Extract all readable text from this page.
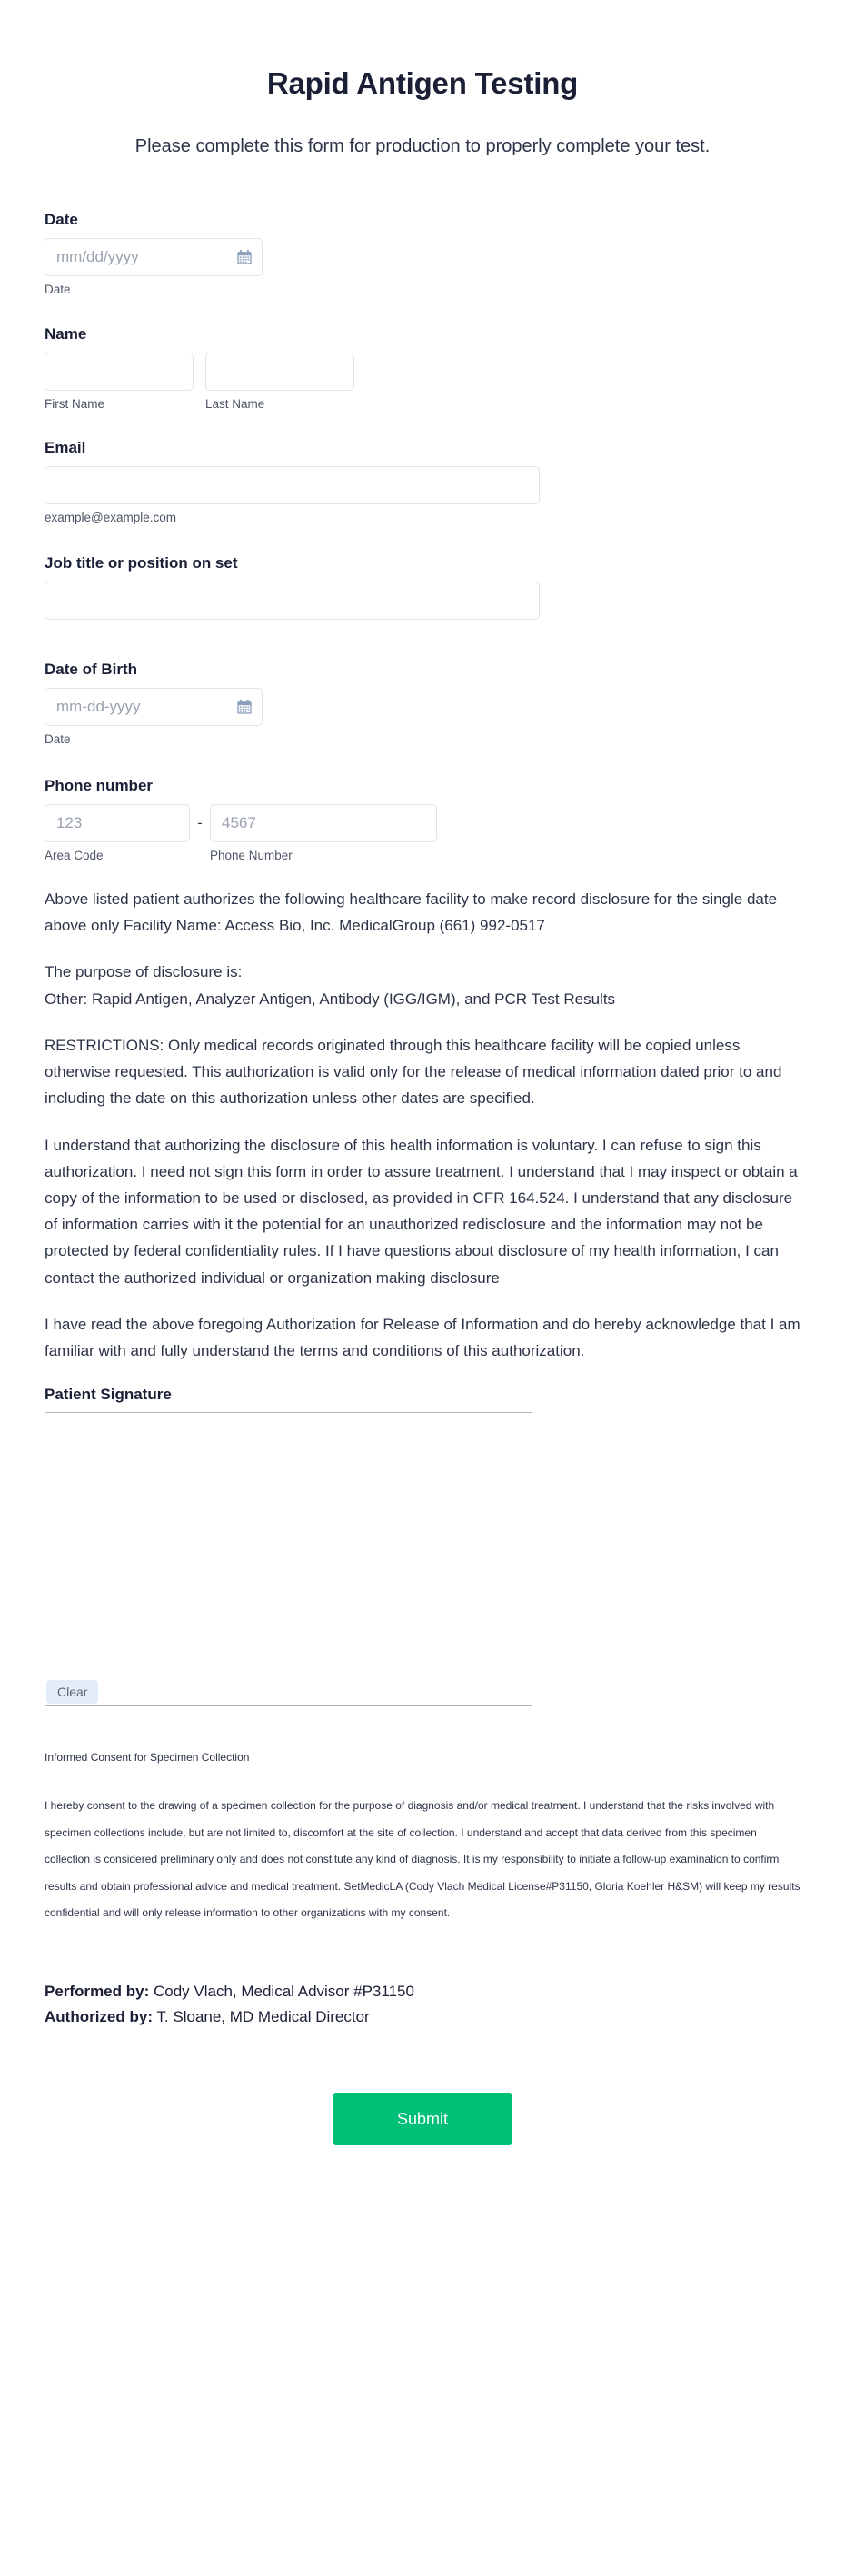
Rapid Antigen Testing

Please complete this form for production to properly complete your test.

Date
mm/dd/yyyy
Date
Name
First Name	Last Name
Email
example@example.com
Job title or position on set
Date of Birth
mm-dd-yyyy
Date
Phone number
123
-
4567
Area Code	Phone Number

Above listed patient authorizes the following healthcare facility to make record disclosure for the single date above only Facility Name: Access Bio, Inc. MedicalGroup (661) 992-0517

The purpose of disclosure is:
Other: Rapid Antigen, Analyzer Antigen, Antibody (IGG/IGM), and PCR Test Results

RESTRICTIONS: Only medical records originated through this healthcare facility will be copied unless otherwise requested. This authorization is valid only for the release of medical information dated prior to and including the date on this authorization unless other dates are specified.

I understand that authorizing the disclosure of this health information is voluntary. I can refuse to sign this authorization. I need not sign this form in order to assure treatment. I understand that I may inspect or obtain a copy of the information to be used or disclosed, as provided in CFR 164.524. I understand that any disclosure of information carries with it the potential for an unauthorized redisclosure and the information may not be protected by federal confidentiality rules. If I have questions about disclosure of my health information, I can contact the authorized individual or organization making disclosure

I have read the above foregoing Authorization for Release of Information and do hereby acknowledge that I am familiar with and fully understand the terms and conditions of this authorization.

Patient Signature
Clear

Informed Consent for Specimen Collection

I hereby consent to the drawing of a specimen collection for the purpose of diagnosis and/or medical treatment. I understand that the risks involved with specimen collections include, but are not limited to, discomfort at the site of collection. I understand and accept that data derived from this specimen collection is considered preliminary only and does not constitute any kind of diagnosis. It is my responsibility to initiate a follow-up examination to confirm results and obtain professional advice and medical treatment. SetMedicLA (Cody Vlach Medical License#P31150, Gloria Koehler H&SM) will keep my results confidential and will only release information to other organizations with my consent.

Performed by: Cody Vlach, Medical Advisor #P31150
Authorized by: T. Sloane, MD Medical Director
Submit
